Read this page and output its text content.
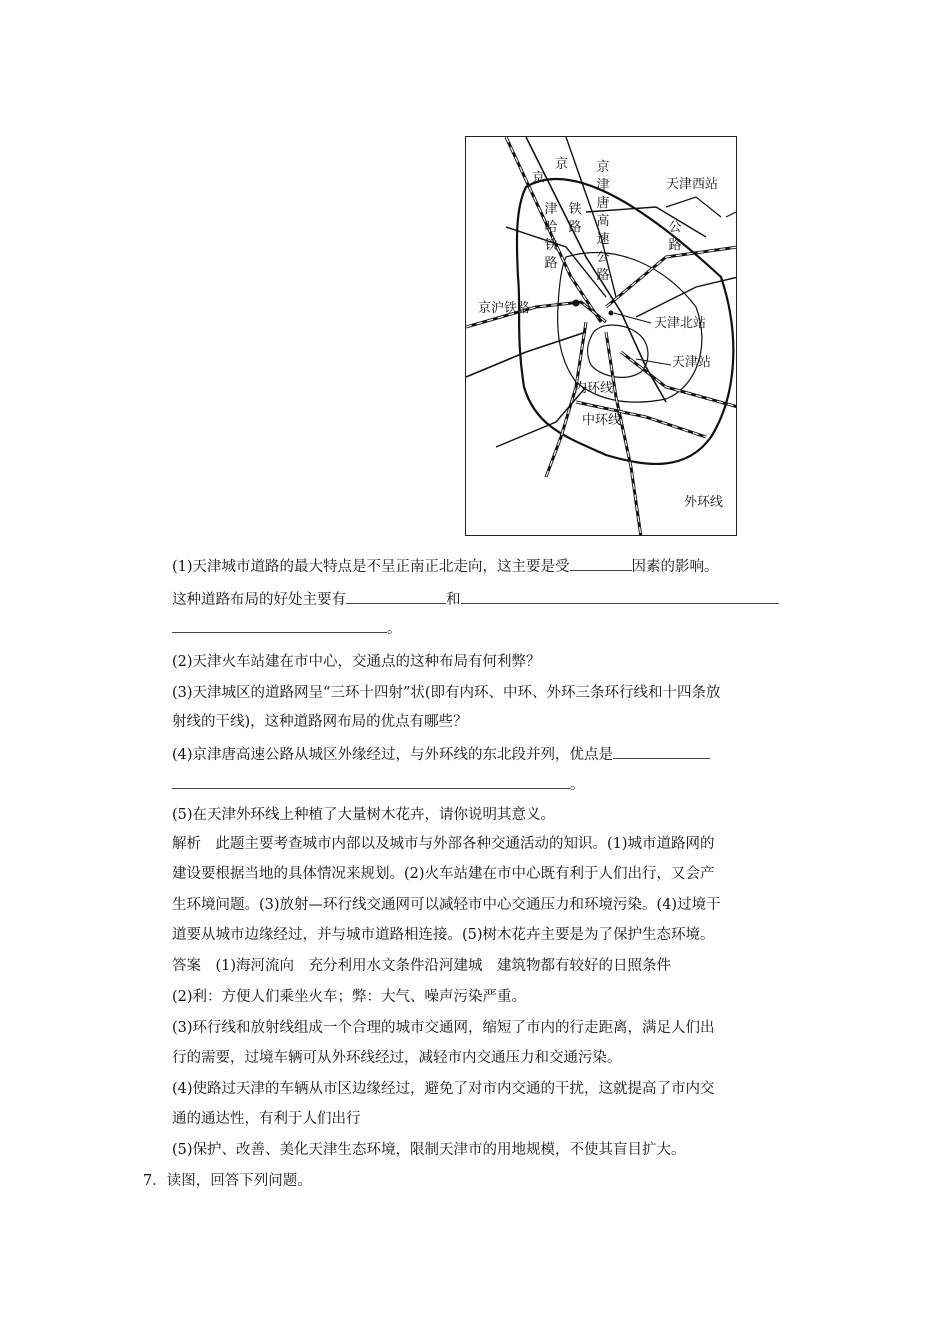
京
京
京津唐高速公路
津哈铁路
铁路	公路
天津西站
京沪铁路
天津北站
天津站
内环线
中环线
外环线
(1)天津城市道路的最大特点是不呈正南正北走向，这主要是受	因素的影响。
这种道路布局的好处主要有	和
。
(2)天津火车站建在市中心，交通点的这种布局有何利弊？
(3)天津城区的道路网呈“三环十四射”状(即有内环、中环、外环三条环行线和十四条放
射线的干线)，这种道路网布局的优点有哪些？
(4)京津唐高速公路从城区外缘经过，与外环线的东北段并列，优点是
。
(5)在天津外环线上种植了大量树木花卉，请你说明其意义。
解析　此题主要考查城市内部以及城市与外部各种交通活动的知识。(1)城市道路网的
建设要根据当地的具体情况来规划。(2)火车站建在市中心既有利于人们出行，又会产
生环境问题。(3)放射—环行线交通网可以减轻市中心交通压力和环境污染。(4)过境干
道要从城市边缘经过，并与城市道路相连接。(5)树木花卉主要是为了保护生态环境。
答案　(1)海河流向　充分利用水文条件沿河建城　建筑物都有较好的日照条件
(2)利：方便人们乘坐火车；弊：大气、噪声污染严重。
(3)环行线和放射线组成一个合理的城市交通网，缩短了市内的行走距离，满足人们出
行的需要，过境车辆可从外环线经过，减轻市内交通压力和交通污染。
(4)使路过天津的车辆从市区边缘经过，避免了对市内交通的干扰，这就提高了市内交
通的通达性，有利于人们出行
(5)保护、改善、美化天津生态环境，限制天津市的用地规模，不使其盲目扩大。
7．读图，回答下列问题。
